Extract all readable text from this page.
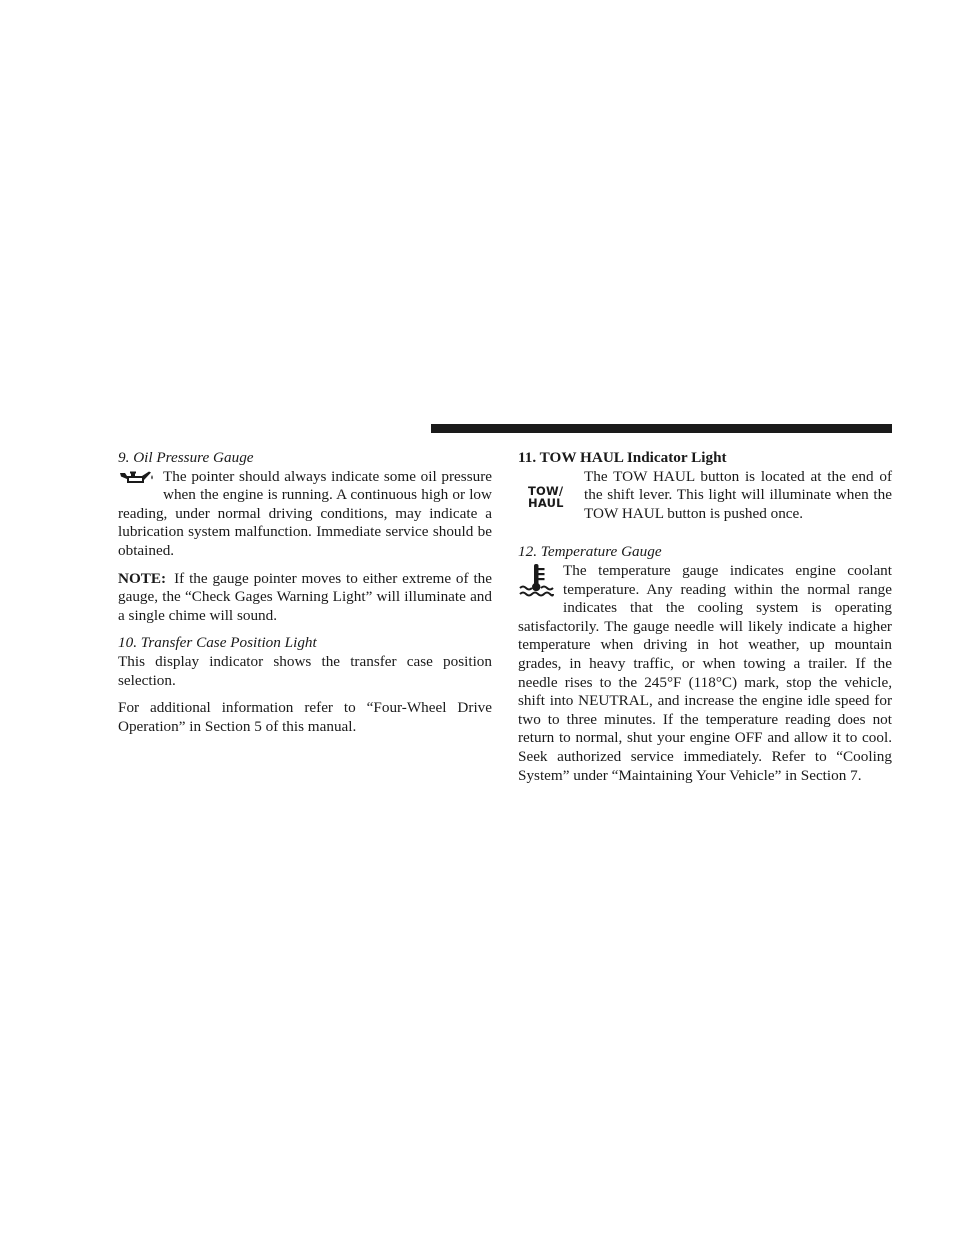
9. Oil Pressure Gauge

The pointer should always indicate some oil pressure when the engine is running. A continuous high or low reading, under normal driving conditions, may indicate a lubrication system malfunction. Immediate service should be obtained.

NOTE: If the gauge pointer moves to either extreme of the gauge, the “Check Gages Warning Light” will illuminate and a single chime will sound.

10. Transfer Case Position Light

This display indicator shows the transfer case position selection.

For additional information refer to “Four-Wheel Drive Operation” in Section 5 of this manual.

11. TOW HAUL Indicator Light
TOW/
HAUL

The TOW HAUL button is located at the end of the shift lever. This light will illuminate when the TOW HAUL button is pushed once.

12. Temperature Gauge

The temperature gauge indicates engine coolant temperature. Any reading within the normal range indicates that the cooling system is operating satisfactorily. The gauge needle will likely indicate a higher temperature when driving in hot weather, up mountain grades, in heavy traffic, or when towing a trailer. If the needle rises to the 245°F (118°C) mark, stop the vehicle, shift into NEUTRAL, and increase the engine idle speed for two to three minutes. If the temperature reading does not return to normal, shut your engine OFF and allow it to cool. Seek authorized service immediately. Refer to “Cooling System” under “Maintaining Your Vehicle” in Section 7.
